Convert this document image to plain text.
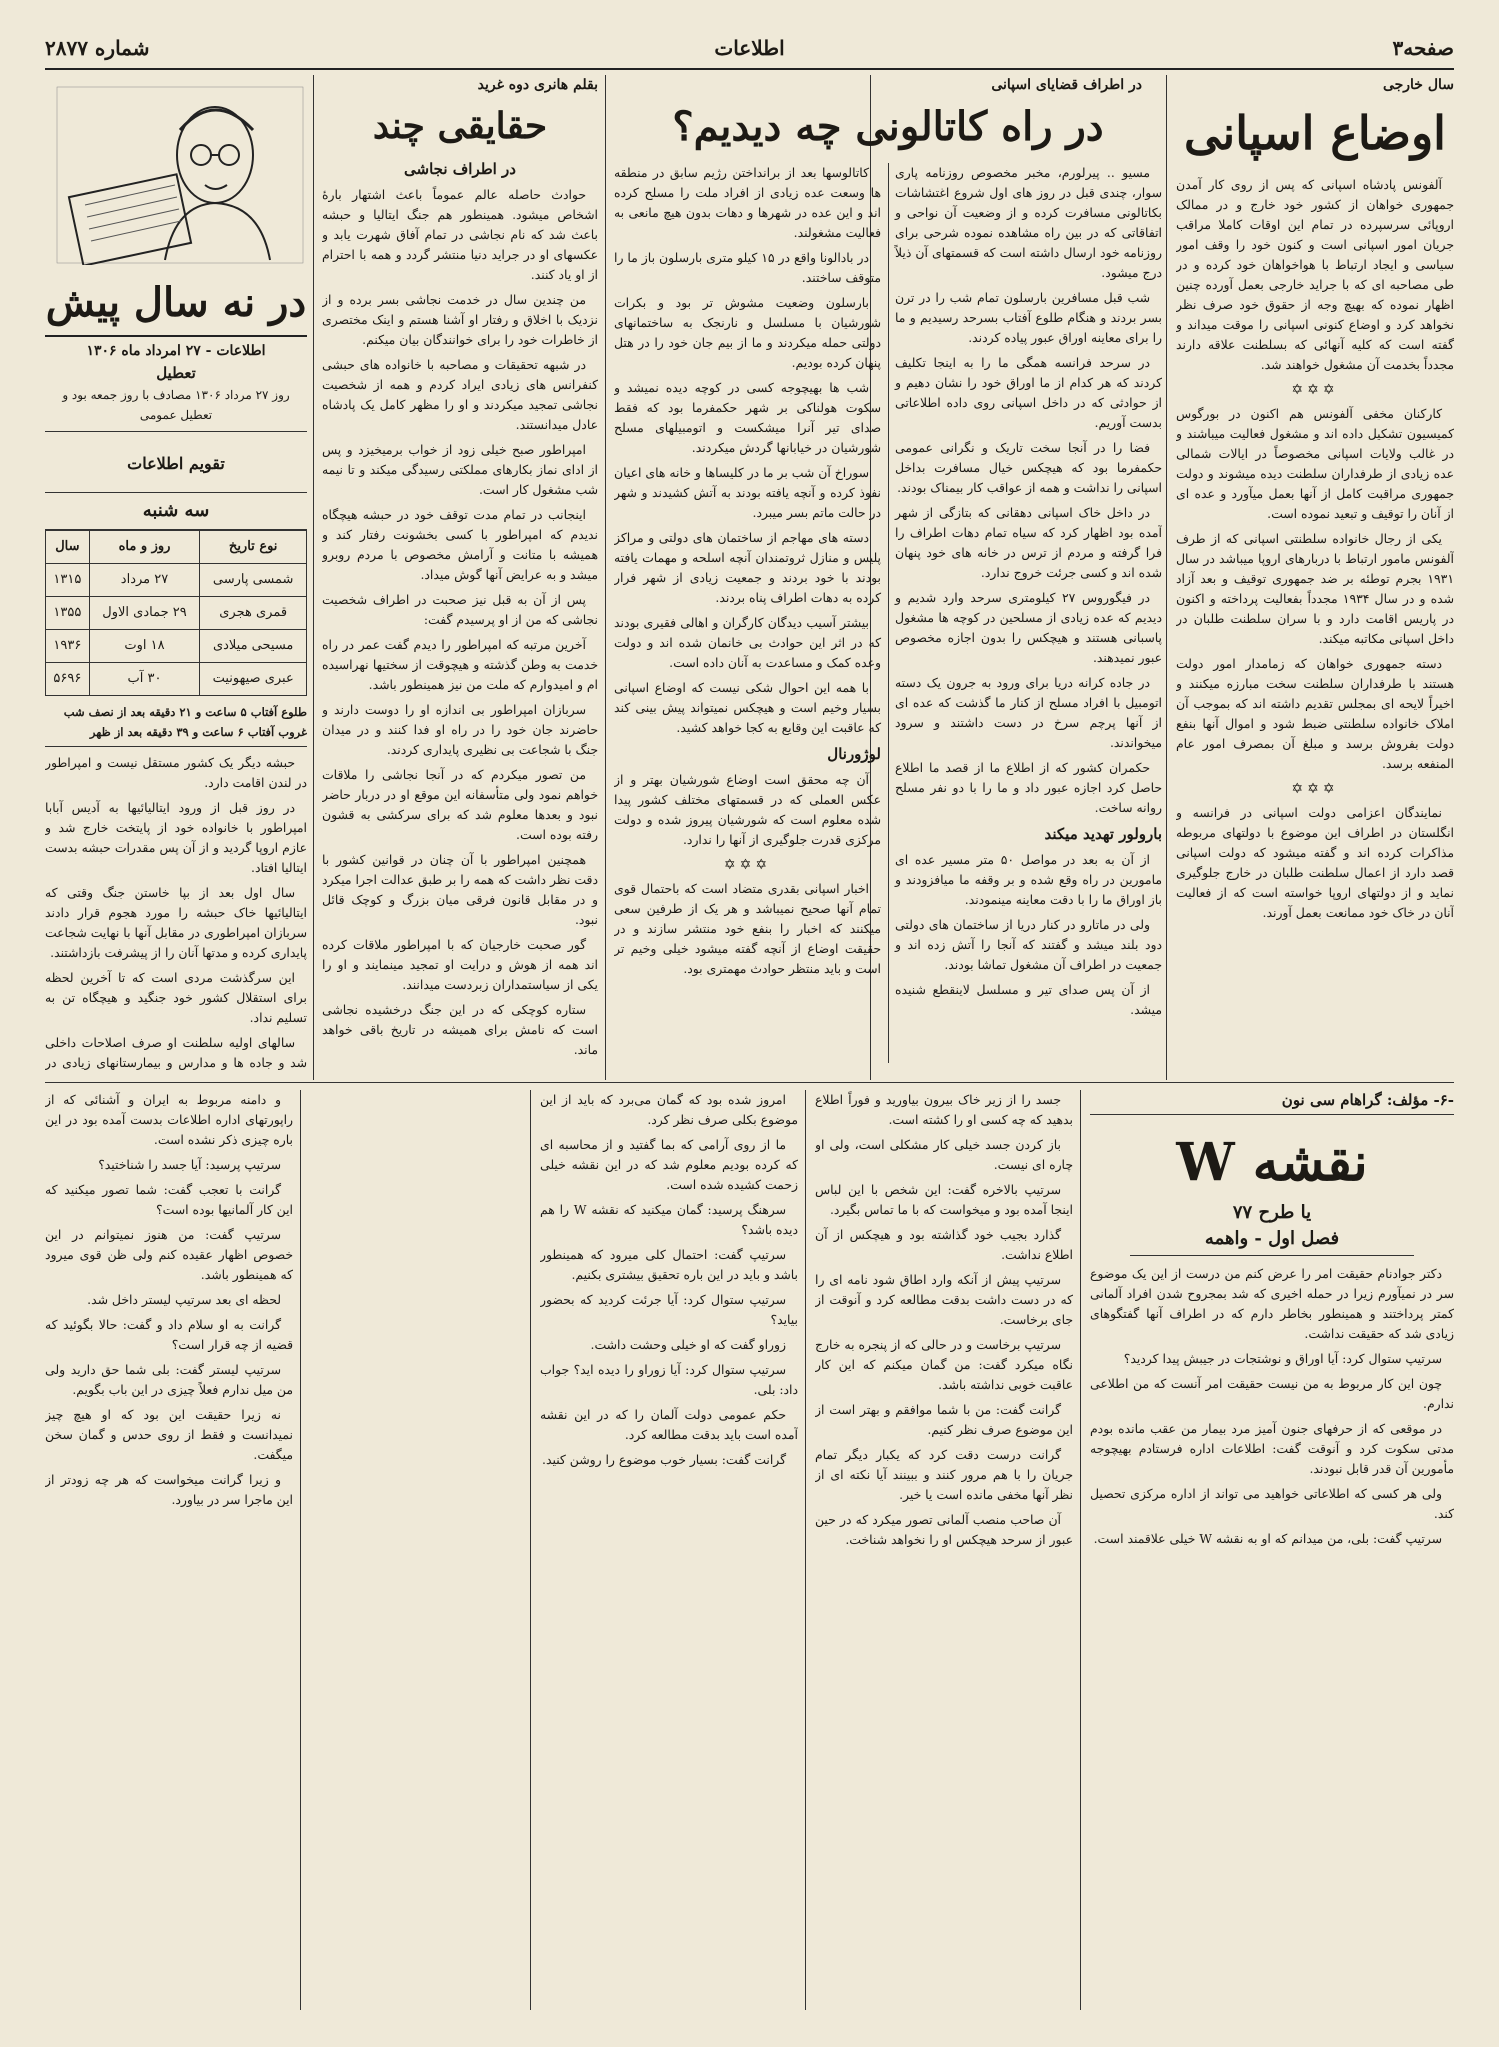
صفحه۳
اطلاعات
شماره ۲۸۷۷
سال خارجی
اوضاع اسپانی

آلفونس پادشاه اسپانی که پس از روی کار آمدن جمهوری خواهان از کشور خود خارج و در ممالک اروپائی سرسپرده در تمام این اوقات کاملا مراقب جریان امور اسپانی است و کنون خود را وقف امور سیاسی و ایجاد ارتباط با هواخواهان خود کرده و در طی مصاحبه ای که با جراید خارجی بعمل آورده چنین اظهار نموده که بهیچ وجه از حقوق خود صرف نظر نخواهد کرد و اوضاع کنونی اسپانی را موقت میداند و گفته است که کلیه آنهائی که بسلطنت علاقه دارند مجدداً بخدمت آن مشغول خواهند شد.

✡✡✡

کارکنان مخفی آلفونس هم اکنون در بورگوس کمیسیون تشکیل داده اند و مشغول فعالیت میباشند و در غالب ولایات اسپانی مخصوصاً در ایالات شمالی عده زیادی از طرفداران سلطنت دیده میشوند و دولت جمهوری مراقبت کامل از آنها بعمل میآورد و عده ای از آنان را توقیف و تبعید نموده است.

یکی از رجال خانواده سلطنتی اسپانی که از طرف آلفونس مامور ارتباط با دربارهای اروپا میباشد در سال ۱۹۳۱ بجرم توطئه بر ضد جمهوری توقیف و بعد آزاد شده و در سال ۱۹۳۴ مجدداً بفعالیت پرداخته و اکنون در پاریس اقامت دارد و با سران سلطنت طلبان در داخل اسپانی مکاتبه میکند.

دسته جمهوری خواهان که زمامدار امور دولت هستند با طرفداران سلطنت سخت مبارزه میکنند و اخیراً لایحه ای بمجلس تقدیم داشته اند که بموجب آن املاک خانواده سلطنتی ضبط شود و اموال آنها بنفع دولت بفروش برسد و مبلغ آن بمصرف امور عام المنفعه برسد.

✡✡✡

نمایندگان اعزامی دولت اسپانی در فرانسه و انگلستان در اطراف این موضوع با دولتهای مربوطه مذاکرات کرده اند و گفته میشود که دولت اسپانی قصد دارد از اعمال سلطنت طلبان در خارج جلوگیری نماید و از دولتهای اروپا خواسته است که از فعالیت آنان در خاک خود ممانعت بعمل آورند.

در اطراف قضایای اسپانی
در راه کاتالونی چه دیدیم؟

مسیو .. پیرلورم، مخبر مخصوص روزنامه پاری سوار، چندی قبل در روز های اول شروع اغتشاشات بکاتالونی مسافرت کرده و از وضعیت آن نواحی و اتفاقاتی که در بین راه مشاهده نموده شرحی برای روزنامه خود ارسال داشته است که قسمتهای آن ذیلاً درج میشود.

شب قبل مسافرین بارسلون تمام شب را در ترن بسر بردند و هنگام طلوع آفتاب بسرحد رسیدیم و ما را برای معاینه اوراق عبور پیاده کردند.

در سرحد فرانسه همگی ما را به اینجا تکلیف کردند که هر کدام از ما اوراق خود را نشان دهیم و از حوادثی که در داخل اسپانی روی داده اطلاعاتی بدست آوریم.

فضا را در آنجا سخت تاریک و نگرانی عمومی حکمفرما بود که هیچکس خیال مسافرت بداخل اسپانی را نداشت و همه از عواقب کار بیمناک بودند.

در داخل خاک اسپانی دهقانی که بتازگی از شهر آمده بود اظهار کرد که سیاه تمام دهات اطراف را فرا گرفته و مردم از ترس در خانه های خود پنهان شده اند و کسی جرئت خروج ندارد.

در فیگوروس ۲۷ کیلومتری سرحد وارد شدیم و دیدیم که عده زیادی از مسلحین در کوچه ها مشغول پاسبانی هستند و هیچکس را بدون اجازه مخصوص عبور نمیدهند.

در جاده کرانه دریا برای ورود به جرون یک دسته اتومبیل با افراد مسلح از کنار ما گذشت که عده ای از آنها پرچم سرخ در دست داشتند و سرود میخواندند.

حکمران کشور که از اطلاع ما از قصد ما اطلاع حاصل کرد اجازه عبور داد و ما را با دو نفر مسلح روانه ساخت.

بارولور تهدید میکند

از آن به بعد در مواصل ۵۰ متر مسیر عده ای مامورین در راه وقع شده و بر وقفه ما میافزودند و باز اوراق ما را با دقت معاینه مینمودند.

ولی در ماتارو در کنار دریا از ساختمان های دولتی دود بلند میشد و گفتند که آنجا را آتش زده اند و جمعیت در اطراف آن مشغول تماشا بودند.

از آن پس صدای تیر و مسلسل لاینقطع شنیده میشد.

کاتالوسها بعد از برانداختن رژیم سابق در منطقه ها وسعت عده زیادی از افراد ملت را مسلح کرده اند و این عده در شهرها و دهات بدون هیچ مانعی به فعالیت مشغولند.

در بادالونا واقع در ۱۵ کیلو متری بارسلون باز ما را متوقف ساختند.

بارسلون وضعیت مشوش تر بود و بکرات شورشیان با مسلسل و نارنجک به ساختمانهای دولتی حمله میکردند و ما از بیم جان خود را در هتل پنهان کرده بودیم.

شب ها بهیچوجه کسی در کوچه دیده نمیشد و سکوت هولناکی بر شهر حکمفرما بود که فقط صدای تیر آنرا میشکست و اتومبیلهای مسلح شورشیان در خیابانها گردش میکردند.

سوراخ آن شب بر ما در کلیساها و خانه های اعیان نفوذ کرده و آنچه یافته بودند به آتش کشیدند و شهر در حالت ماتم بسر میبرد.

دسته های مهاجم از ساختمان های دولتی و مراکز پلیس و منازل ثروتمندان آنچه اسلحه و مهمات یافته بودند با خود بردند و جمعیت زیادی از شهر فرار کرده به دهات اطراف پناه بردند.

بیشتر آسیب دیدگان کارگران و اهالی فقیری بودند که در اثر این حوادث بی خانمان شده اند و دولت وعده کمک و مساعدت به آنان داده است.

با همه این احوال شکی نیست که اوضاع اسپانی بسیار وخیم است و هیچکس نمیتواند پیش بینی کند که عاقبت این وقایع به کجا خواهد کشید.

لوژورنال

آن چه محقق است اوضاع شورشیان بهتر و از عکس العملی که در قسمتهای مختلف کشور پیدا شده معلوم است که شورشیان پیروز شده و دولت مرکزی قدرت جلوگیری از آنها را ندارد.

✡✡✡

اخبار اسپانی بقدری متضاد است که باحتمال قوی تمام آنها صحیح نمیباشد و هر یک از طرفین سعی میکنند که اخبار را بنفع خود منتشر سازند و در حقیقت اوضاع از آنچه گفته میشود خیلی وخیم تر است و باید منتظر حوادث مهمتری بود.

بقلم هانری دوه غرید
حقایقی چند
در اطراف نجاشی

حوادث حاصله عالم عموماً باعث اشتهار بارهٔ اشخاص میشود. همینطور هم جنگ ایتالیا و حبشه باعث شد که نام نجاشی در تمام آفاق شهرت یابد و عکسهای او در جراید دنیا منتشر گردد و همه با احترام از او یاد کنند.

من چندین سال در خدمت نجاشی بسر برده و از نزدیک با اخلاق و رفتار او آشنا هستم و اینک مختصری از خاطرات خود را برای خوانندگان بیان میکنم.

در شبهه تحقیقات و مصاحبه با خانواده های حبشی کنفرانس های زیادی ایراد کردم و همه از شخصیت نجاشی تمجید میکردند و او را مظهر کامل یک پادشاه عادل میدانستند.

امپراطور صبح خیلی زود از خواب برمیخیزد و پس از ادای نماز بکارهای مملکتی رسیدگی میکند و تا نیمه شب مشغول کار است.

اینجانب در تمام مدت توقف خود در حبشه هیچگاه ندیدم که امپراطور با کسی بخشونت رفتار کند و همیشه با متانت و آرامش مخصوص با مردم روبرو میشد و به عرایض آنها گوش میداد.

پس از آن به قبل نیز صحبت در اطراف شخصیت نجاشی که من از او پرسیدم گفت:

آخرین مرتبه که امپراطور را دیدم گفت عمر در راه خدمت به وطن گذشته و هیچوقت از سختیها نهراسیده ام و امیدوارم که ملت من نیز همینطور باشد.

سربازان امپراطور بی اندازه او را دوست دارند و حاضرند جان خود را در راه او فدا کنند و در میدان جنگ با شجاعت بی نظیری پایداری کردند.

من تصور میکردم که در آنجا نجاشی را ملاقات خواهم نمود ولی متأسفانه این موقع او در دربار حاضر نبود و بعدها معلوم شد که برای سرکشی به قشون رفته بوده است.

همچنین امپراطور با آن چنان در قوانین کشور با دقت نظر داشت که همه را بر طبق عدالت اجرا میکرد و در مقابل قانون فرقی میان بزرگ و کوچک قائل نبود.

گور صحبت خارجیان که با امپراطور ملاقات کرده اند همه از هوش و درایت او تمجید مینمایند و او را یکی از سیاستمداران زبردست میدانند.

ستاره کوچکی که در این جنگ درخشیده نجاشی است که نامش برای همیشه در تاریخ باقی خواهد ماند.

در نه سال پیش
اطلاعات - ۲۷ امرداد ماه ۱۳۰۶
تعطیل
روز ۲۷ مرداد ۱۳۰۶ مصادف با روز جمعه بود و تعطیل عمومی
تقویم اطلاعات
سه شنبه
نوع تاریخ	روز و ماه	سال
شمسی پارسی	۲۷ مرداد	۱۳۱۵
قمری هجری	۲۹ جمادی الاول	۱۳۵۵
مسیحی میلادی	۱۸ اوت	۱۹۳۶
عبری صیهونیت	۳۰ آب	۵۶۹۶
طلوع آفتاب ۵ ساعت و ۲۱ دقیقه بعد از نصف شب
غروب آفتاب ۶ ساعت و ۳۹ دقیقه بعد از ظهر

حبشه دیگر یک کشور مستقل نیست و امپراطور در لندن اقامت دارد.

در روز قبل از ورود ایتالیائیها به آدیس آبابا امپراطور با خانواده خود از پایتخت خارج شد و عازم اروپا گردید و از آن پس مقدرات حبشه بدست ایتالیا افتاد.

سال اول بعد از بپا خاستن جنگ وقتی که ایتالیائیها خاک حبشه را مورد هجوم قرار دادند سربازان امپراطوری در مقابل آنها با نهایت شجاعت پایداری کرده و مدتها آنان را از پیشرفت بازداشتند.

این سرگذشت مردی است که تا آخرین لحظه برای استقلال کشور خود جنگید و هیچگاه تن به تسلیم نداد.

سالهای اولیه سلطنت او صرف اصلاحات داخلی شد و جاده ها و مدارس و بیمارستانهای زیادی در

-۶- مؤلف: گراهام سی نون
نقشه W
یا طرح ۷۷
فصل اول - واهمه

دکتر جوادنام حقیقت امر را عرض کنم من درست از این یک موضوع سر در نمیآورم زیرا در حمله اخیری که شد بمجروح شدن افراد آلمانی کمتر پرداختند و همینطور بخاطر دارم که در اطراف آنها گفتگوهای زیادی شد که حقیقت نداشت.

سرتیپ ستوال کرد: آیا اوراق و نوشتجات در جیبش پیدا کردید؟

چون این کار مربوط به من نیست حقیقت امر آنست که من اطلاعی ندارم.

در موقعی که از حرفهای جنون آمیز مرد بیمار من عقب مانده بودم مدتی سکوت کرد و آنوقت گفت: اطلاعات اداره فرستادم بهیچوجه مأمورین آن قدر قابل نبودند.

ولی هر کسی که اطلاعاتی خواهید می تواند از اداره مرکزی تحصیل کند.

سرتیپ گفت: بلی، من میدانم که او به نقشه W خیلی علاقمند است.

جسد را از زیر خاک بیرون بیاورید و فوراً اطلاع بدهید که چه کسی او را کشته است.

باز کردن جسد خیلی کار مشکلی است، ولی او چاره ای نیست.

سرتیپ بالاخره گفت: این شخص با این لباس اینجا آمده بود و میخواست که با ما تماس بگیرد.

گذارد بجیب خود گذاشته بود و هیچکس از آن اطلاع نداشت.

سرتیپ پیش از آنکه وارد اطاق شود نامه ای را که در دست داشت بدقت مطالعه کرد و آنوقت از جای برخاست.

سرتیپ برخاست و در حالی که از پنجره به خارج نگاه میکرد گفت: من گمان میکنم که این کار عاقبت خوبی نداشته باشد.

گرانت گفت: من با شما موافقم و بهتر است از این موضوع صرف نظر کنیم.

گرانت درست دقت کرد که یکبار دیگر تمام جریان را با هم مرور کنند و ببینند آیا نکته ای از نظر آنها مخفی مانده است یا خیر.

آن صاحب منصب آلمانی تصور میکرد که در حین عبور از سرحد هیچکس او را نخواهد شناخت.

امروز شده بود که گمان می‌برد که باید از این موضوع بکلی صرف نظر کرد.

ما از روی آرامی که بما گفتید و از محاسبه ای که کرده بودیم معلوم شد که در این نقشه خیلی زحمت کشیده شده است.

سرهنگ پرسید: گمان میکنید که نقشه W را هم دیده باشد؟

سرتیپ گفت: احتمال کلی میرود که همینطور باشد و باید در این باره تحقیق بیشتری بکنیم.

سرتیپ ستوال کرد: آیا جرئت کردید که بحضور بیاید؟

زوراو گفت که او خیلی وحشت داشت.

سرتیپ ستوال کرد: آیا زوراو را دیده اید؟ جواب داد: بلی.

حکم عمومی دولت آلمان را که در این نقشه آمده است باید بدقت مطالعه کرد.

گرانت گفت: بسیار خوب موضوع را روشن کنید.

و دامنه مربوط به ایران و آشنائی که از راپورتهای اداره اطلاعات بدست آمده بود در این باره چیزی ذکر نشده است.

سرتیپ پرسید: آیا جسد را شناختید؟

گرانت با تعجب گفت: شما تصور میکنید که این کار آلمانیها بوده است؟

سرتیپ گفت: من هنوز نمیتوانم در این خصوص اظهار عقیده کنم ولی ظن قوی میرود که همینطور باشد.

لحظه ای بعد سرتیپ لیستر داخل شد.

گرانت به او سلام داد و گفت: حالا بگوئید که قضیه از چه قرار است؟

سرتیپ لیستر گفت: بلی شما حق دارید ولی من میل ندارم فعلاً چیزی در این باب بگویم.

نه زیرا حقیقت این بود که او هیچ چیز نمیدانست و فقط از روی حدس و گمان سخن میگفت.

و زیرا گرانت میخواست که هر چه زودتر از این ماجرا سر در بیاورد.
